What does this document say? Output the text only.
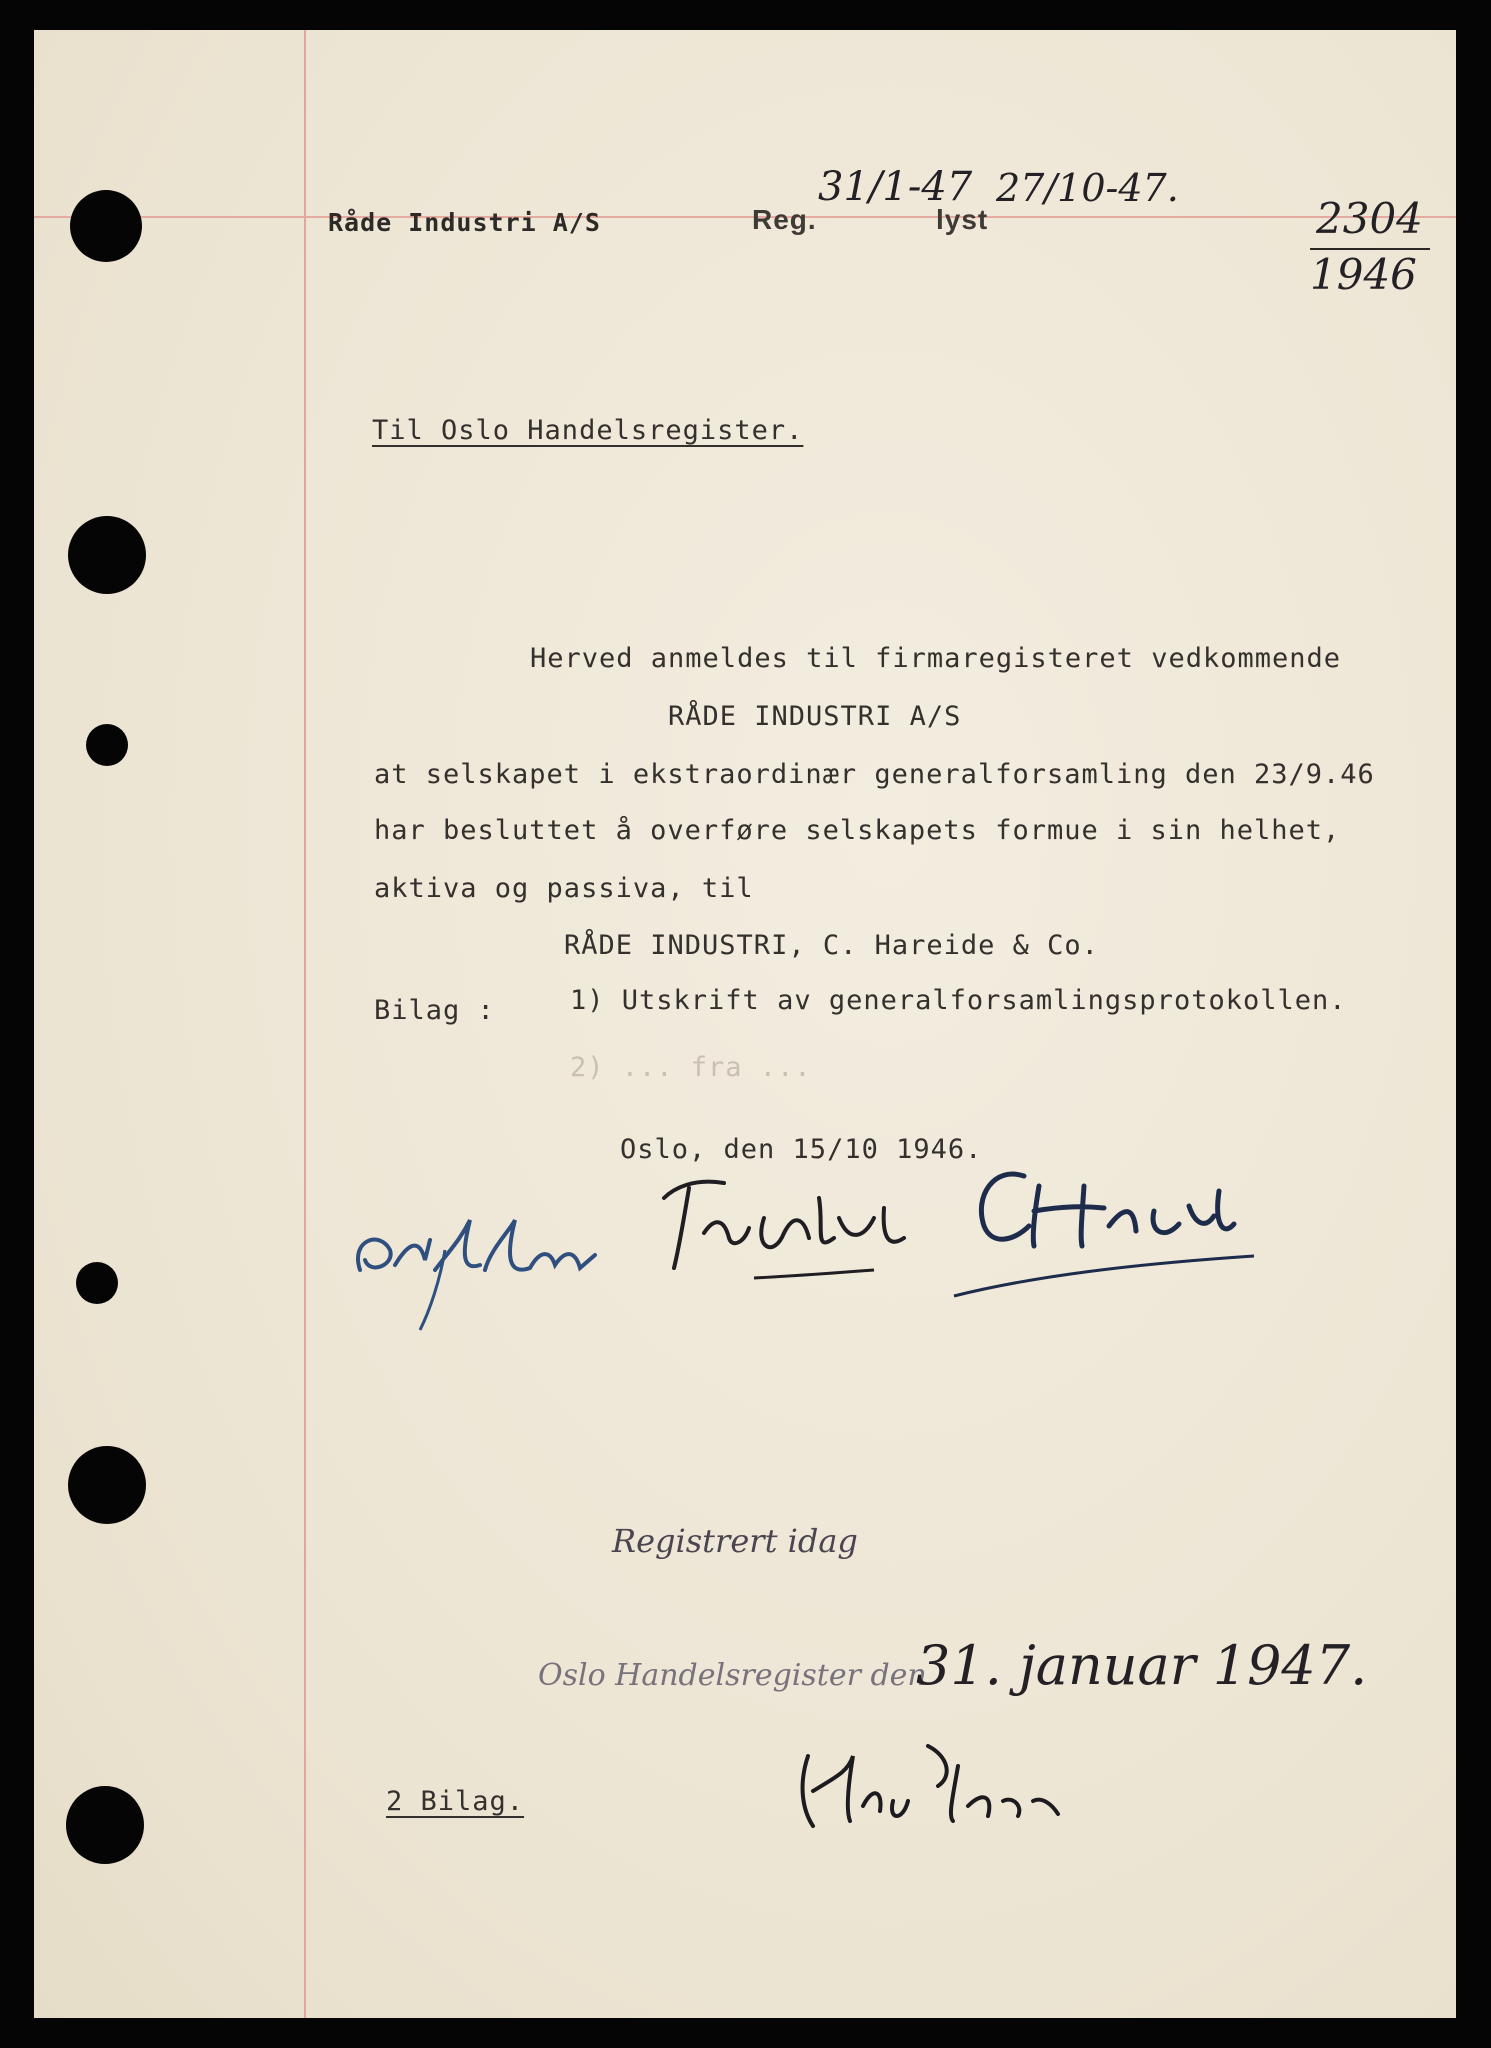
Råde Industri A/S	Reg.
31/1-47
lyst
27/10-47.
2304
1946
Til Oslo Handelsregister.
Herved anmeldes til firmaregisteret vedkommende
RÅDE INDUSTRI A/S
at selskapet i ekstraordinær generalforsamling den 23/9.46
har besluttet å overføre selskapets formue i sin helhet,
aktiva og passiva, til
RÅDE INDUSTRI, C. Hareide & Co.
Bilag :	1) Utskrift av generalforsamlingsprotokollen.
2) ... fra ...
Oslo, den 15/10 1946.
Registrert idag
Oslo Handelsregister den
31. januar 1947.
2 Bilag.
